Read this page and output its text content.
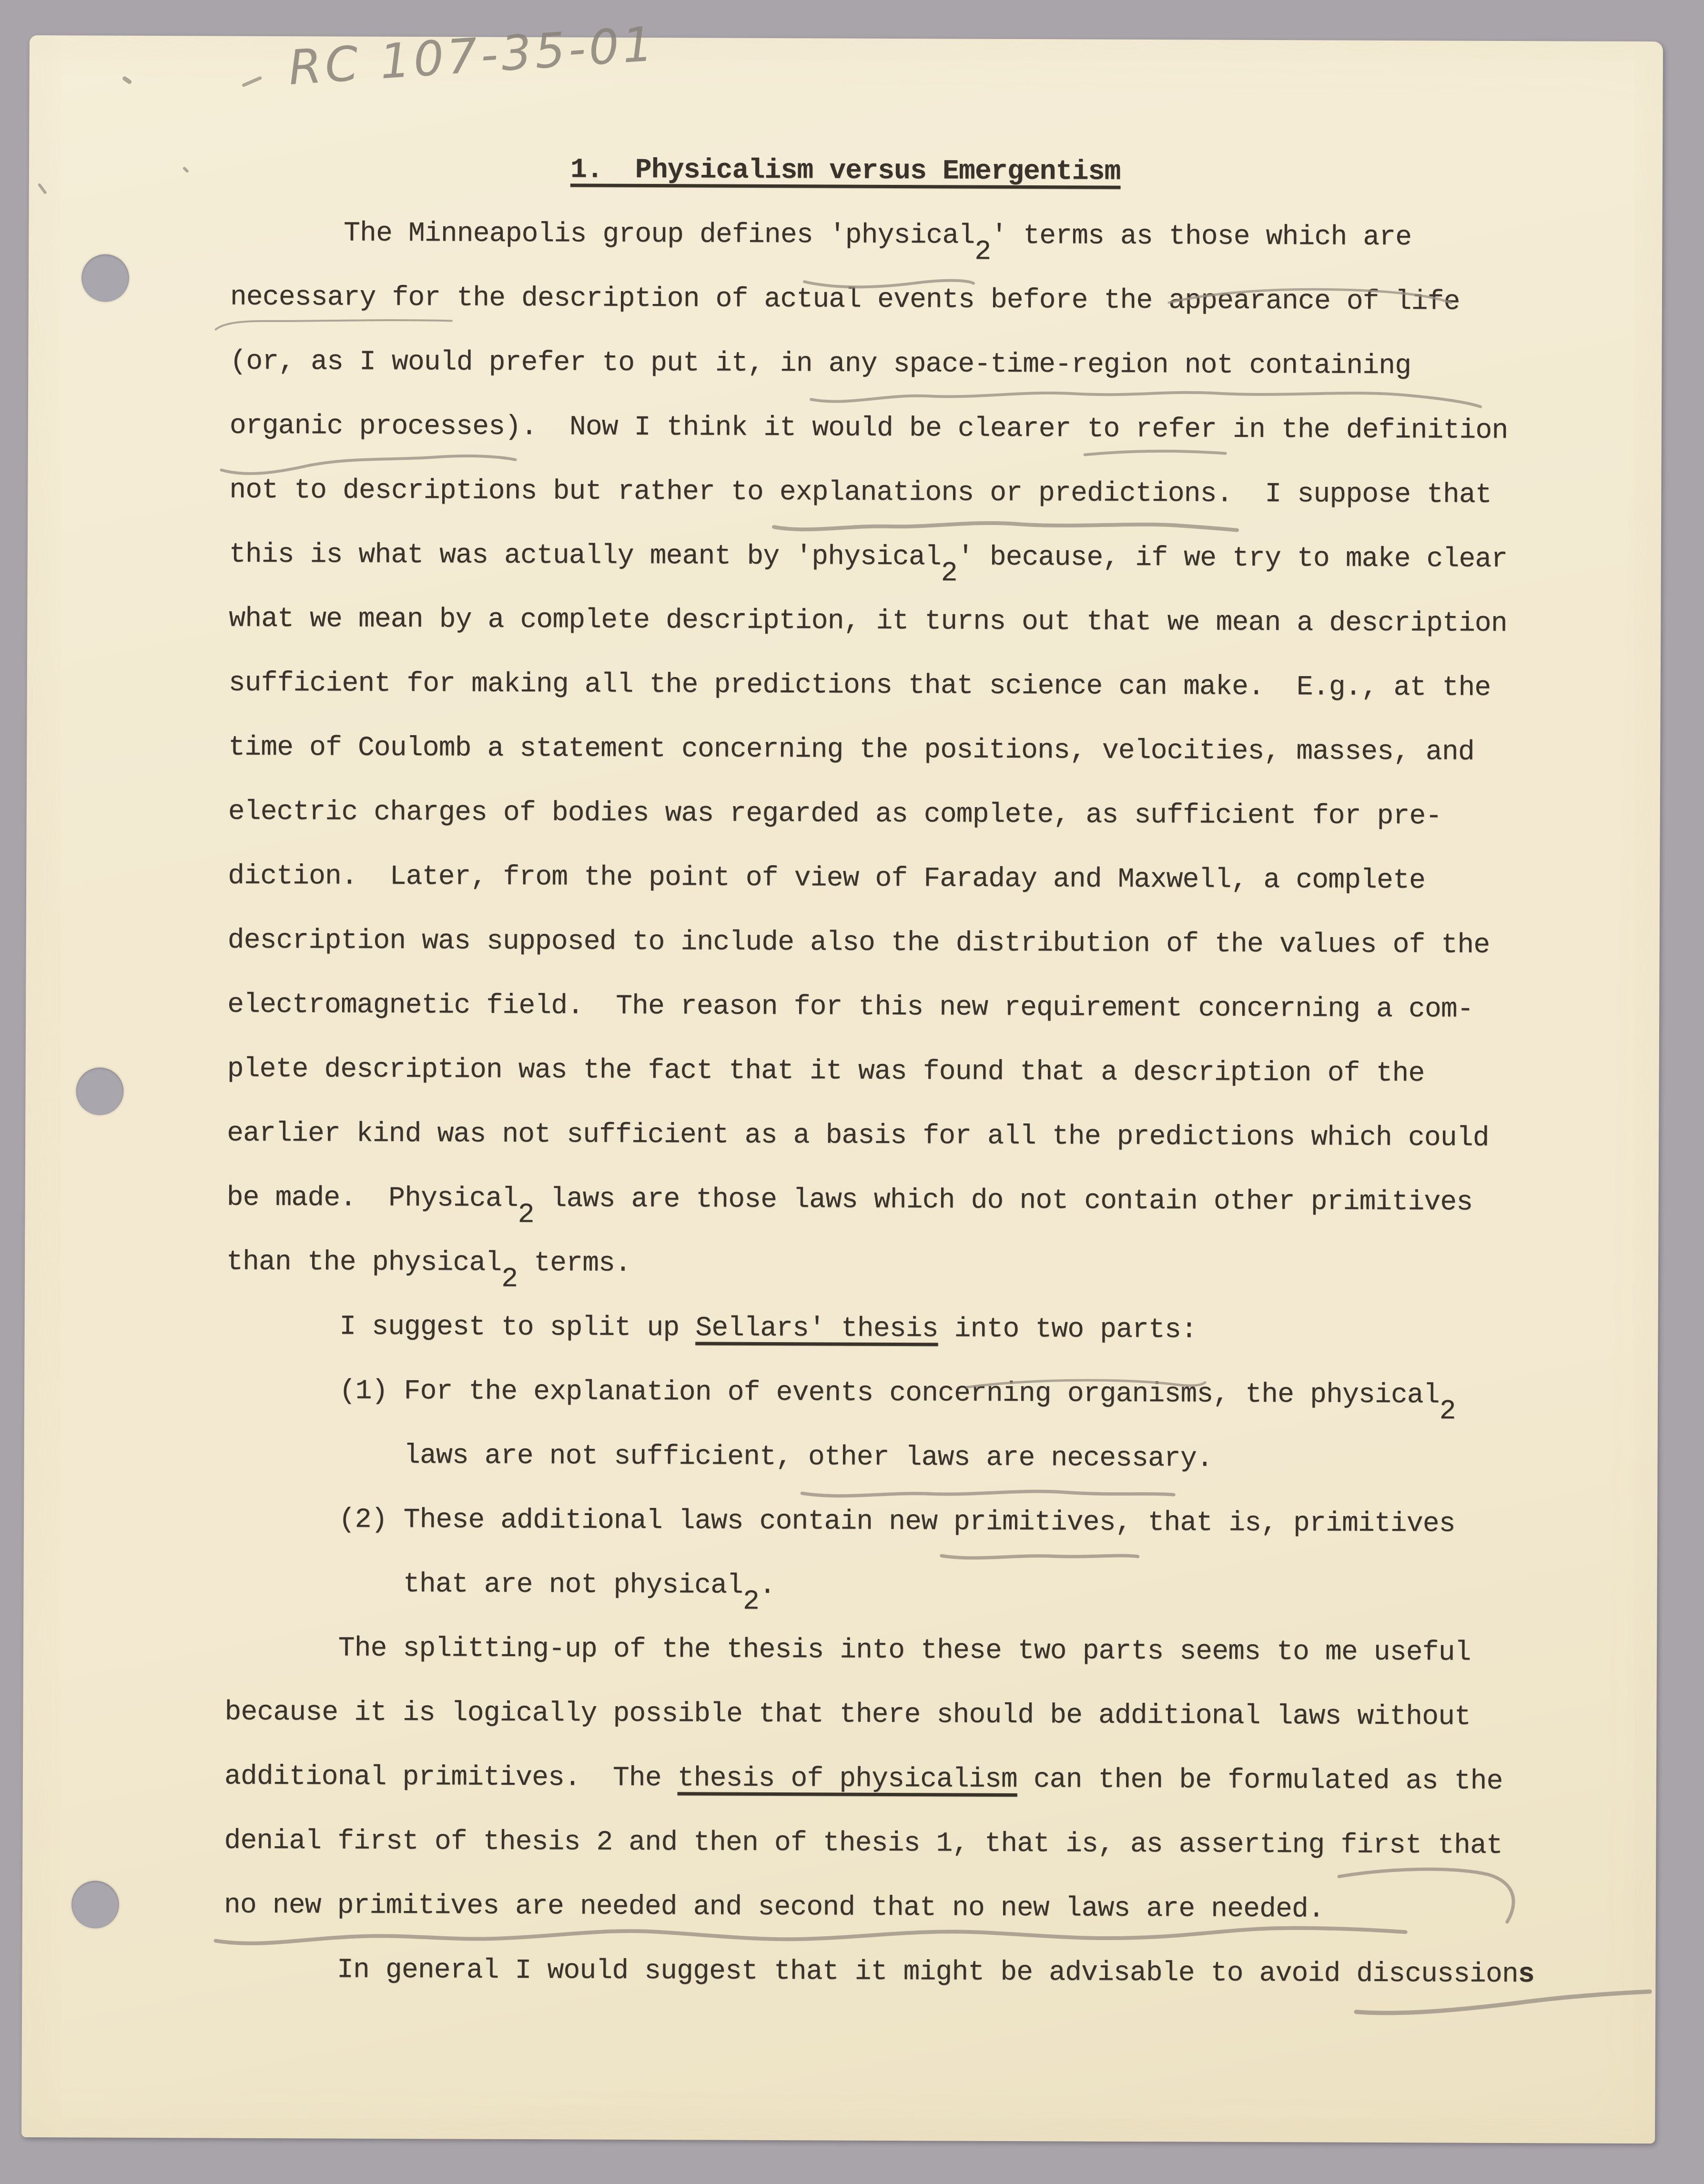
RC 107-35-01
1.  Physicalism versus Emergentism
The Minneapolis group defines 'physical2' terms as those which are
necessary for the description of actual events before the appearance of life
(or, as I would prefer to put it, in any space-time-region not containing
organic processes).  Now I think it would be clearer to refer in the definition
not to descriptions but rather to explanations or predictions.  I suppose that
this is what was actually meant by 'physical2' because, if we try to make clear
what we mean by a complete description, it turns out that we mean a description
sufficient for making all the predictions that science can make.  E.g., at the
time of Coulomb a statement concerning the positions, velocities, masses, and
electric charges of bodies was regarded as complete, as sufficient for pre-
diction.  Later, from the point of view of Faraday and Maxwell, a complete
description was supposed to include also the distribution of the values of the
electromagnetic field.  The reason for this new requirement concerning a com-
plete description was the fact that it was found that a description of the
earlier kind was not sufficient as a basis for all the predictions which could
be made.  Physical2 laws are those laws which do not contain other primitives
than the physical2 terms.
I suggest to split up Sellars' thesis into two parts:
(1) For the explanation of events concerning organisms, the physical2
laws are not sufficient, other laws are necessary.
(2) These additional laws contain new primitives, that is, primitives
that are not physical2.
The splitting-up of the thesis into these two parts seems to me useful
because it is logically possible that there should be additional laws without
additional primitives.  The thesis of physicalism can then be formulated as the
denial first of thesis 2 and then of thesis 1, that is, as asserting first that
no new primitives are needed and second that no new laws are needed.
In general I would suggest that it might be advisable to avoid discussions
